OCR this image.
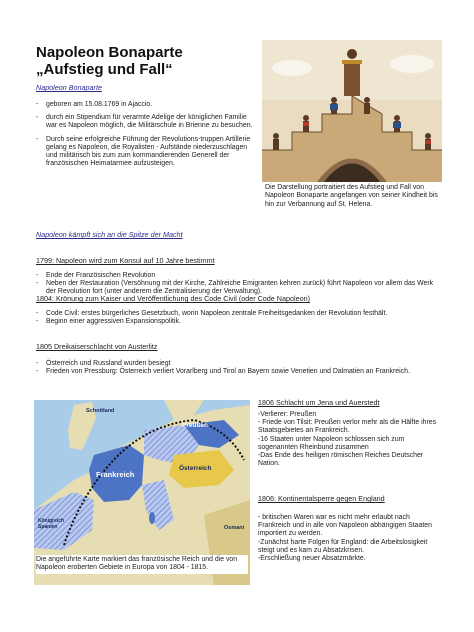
Napoleon Bonaparte
„Aufstieg und Fall“

Napoleon Bonaparte

- geboren am 15.08.1769 in Ajaccio.
- durch ein Stipendium für verarmte Adelige der königlichen Familie war es Napoleon möglich, die Militärschule in Brienne zu besuchen.
- Durch seine erfolgreiche Führung der Revolutions-truppen Artillerie gelang es Napoleon, die Royalisten - Aufstände niederzuschlagen und militärisch bis zum zum kommandierenden Generell der französischen Heimatarmee aufzusteigen.
Die Darstellung portraitiert des Aufstieg und Fall von Napoleon Bonaparte angefangen von seiner Kindheit bis hin zur Verbannung auf St. Helena.

Napoleon kämpft sich an die Spitze der Macht

1799: Napoleon wird zum Konsul auf 10 Jahre bestimmt

- Ende der Französischen Revolution
- Neben der Restauration (Versöhnung mit der Kirche, Zahlreiche Emigranten kehren zurück) führt Napoleon vor allem das Werk der Revolution fort (unter anderem die Zentralisierung der Verwaltung).

1804: Krönung zum Kaiser und Veröffentlichung des Code Civil (oder Code Napoleon)

- Code Civil: erstes bürgerliches Gesetzbuch, worin Napoleon zentrale Freiheitsgedanken der Revolution festhält.
- Beginn einer aggressiven Expansionspolitik.

1805 Dreikaiserschlacht von Austerlitz

- Österreich und Russland wurden besiegt
- Frieden von Pressburg: Österreich verliert Vorarlberg und Tirol an Bayern sowie Venetien und Dalmatien an Frankreich.
Schottland
Preußen
Frankreich
Österreich
Königreich Spanien	Osmani
Die angeführte Karte markiert das französische Reich und die von Napoleon eroberten Gebiete in Europa von 1804 - 1815.

1806 Schlacht um Jena und Auerstedt

-Verlierer: Preußen
- Friede von Tilsit: Preußen verlor mehr als die Hälfte ihres Staatsgebietes an Frankreich.
-16 Staaten unter Napoleon schlossen sich zum sogenannten Rheinbund zusammen
-Das Ende des heiligen römischen Reiches Deutscher Nation.

1806: Kontinentalsperre gegen England

- britischen Waren war es nicht mehr erlaubt nach Frankreich und in alle von Napoleon abhängigen Staaten importiert zu werden.
-Zunächst harte Folgen für England: die Arbeitslosigkeit steigt und es kam zu Absatzkrisen.
-Erschließung neuer Absatzmärkte.
